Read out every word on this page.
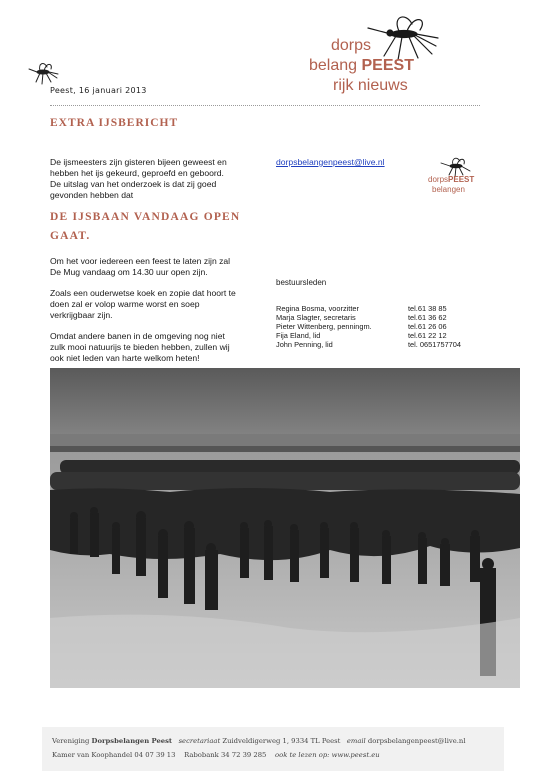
dorps
belang PEEST
rijk nieuws
Peest, 16 januari 2013
EXTRA IJSBERICHT
De ijsmeesters zijn gisteren bijeen geweest en
hebben het ijs gekeurd, geproefd en geboord.
De uitslag van het onderzoek is dat zij goed
gevonden hebben dat
dorpsbelangenpeest@live.nl
dorpsPEEST
belangen
DE IJSBAAN VANDAAG OPEN
GAAT.
Om het voor iedereen een feest te laten zijn zal
De Mug vandaag om 14.30 uur open zijn.
Zoals een ouderwetse koek en zopie dat hoort te
doen zal er volop warme worst en soep
verkrijgbaar zijn.
Omdat andere banen in de omgeving nog niet
zulk mooi natuurijs te bieden hebben, zullen wij
ook niet leden van harte welkom heten!
bestuursleden
Regina Bosma, voorzitter	tel.61 38 85
Marja Slagter, secretaris	tel.61 36 62
Pieter Wittenberg, penningm.	tel.61 26 06
Fija Eland, lid	tel.61 22 12
John Penning, lid	tel. 0651757704
Vereniging Dorpsbelangen Peest secretariaat Zuidveldigerweg 1, 9334 TL Peest email dorpsbelangenpeest@live.nl
Kamer van Koophandel 04 07 39 13 Rabobank 34 72 39 285 ook te lezen op: www.peest.eu
